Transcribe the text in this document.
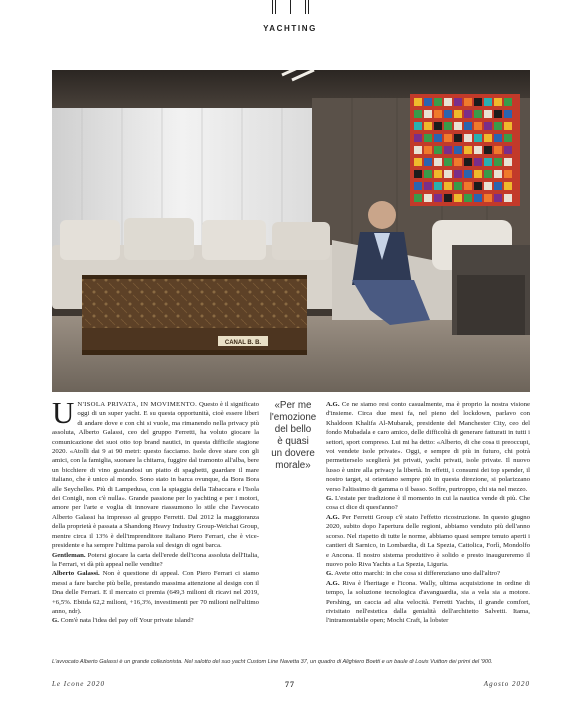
YACHTING
CANAL B. B.

U N'ISOLA PRIVATA, IN MOVIMENTO. Questo è il significato oggi di un super yacht. E su questa opportunità, cioè essere liberi di andare dove e con chi si vuole, ma rimanendo nella privacy più assoluta, Alberto Galassi, ceo del gruppo Ferretti, ha voluto giocare la comunicazione dei suoi otto top brand nautici, in questa difficile stagione 2020. «Atolli dai 9 ai 90 metri: questo facciamo. Isole dove stare con gli amici, con la famiglia, suonare la chitarra, fuggire dal tramonto all'alba, bere un bicchiere di vino gustandosi un piatto di spaghetti, guardare il mare italiano, che è unico al mondo. Sono stato in barca ovunque, da Bora Bora alle Seychelles. Più di Lampedusa, con la spiaggia della Tabaccara e l'Isola dei Conigli, non c'è nulla». Grande passione per lo yachting e per i motori, amore per l'arte e voglia di innovare riassumono lo stile che l'avvocato Alberto Galassi ha impresso al gruppo Ferretti. Dal 2012 la maggioranza della proprietà è passata a Shandong Heavy Industry Group-Weichai Group, mentre circa il 13% è dell'imprenditore italiano Piero Ferrari, che è vice-presidente e ha sempre l'ultima parola sul design di ogni barca.

Gentleman. Potersi giocare la carta dell'erede dell'icona assoluta dell'Italia, la Ferrari, vi dà più appeal nelle vendite?

Alberto Galassi. Non è questione di appeal. Con Piero Ferrari ci siamo messi a fare barche più belle, prestando massima attenzione al design con il Dna delle Ferrari. E il mercato ci premia (649,3 milioni di ricavi nel 2019, +6,5%. Ebitda 62,2 milioni, +16,3%, investimenti per 70 milioni nell'ultimo anno, ndr).

G. Com'è nata l'idea del pay off Your private island?

«Per me
l'emozione
del bello
è quasi
un dovere
morale»

A.G. Ce ne siamo resi conto casualmente, ma è proprio la nostra visione d'insieme. Circa due mesi fa, nel pieno del lockdown, parlavo con Khaldoon Khalifa Al-Mubarak, presidente del Manchester City, ceo del fondo Mubadala e caro amico, delle difficoltà di generare fatturati in tutti i settori, sport compreso. Lui mi ha detto: «Alberto, di che cosa ti preoccupi, voi vendete isole private». Oggi, e sempre di più in futuro, chi potrà permetterselo sceglierà jet privati, yacht privati, isole private. Il nuovo lusso è unire alla privacy la libertà. In effetti, i consumi dei top spender, il nostro target, si orientano sempre più in questa direzione, si polarizzano verso l'altissimo di gamma o il basso. Soffre, purtroppo, chi sta nel mezzo.

G. L'estate per tradizione è il momento in cui la nautica vende di più. Che cosa ci dice di quest'anno?

A.G. Per Ferretti Group c'è stato l'effetto ricostruzione. In questo giugno 2020, subito dopo l'apertura delle regioni, abbiamo venduto più dell'anno scorso. Nel rispetto di tutte le norme, abbiamo quasi sempre tenuto aperti i cantieri di Sarnico, in Lombardia, di La Spezia, Cattolica, Forlì, Mondolfo e Ancona. Il nostro sistema produttivo è solido e presto inaugureremo il nuovo polo Riva Yachts a La Spezia, Liguria.

G. Avete otto marchi: in che cosa si differenziano uno dall'altro?

A.G. Riva è l'heritage e l'icona. Wally, ultima acquisizione in ordine di tempo, la soluzione tecnologica d'avanguardia, sia a vela sia a motore. Pershing, un caccia ad alta velocità. Ferretti Yachts, il grande comfort, rivisitato nell'estetica dalla genialità dell'architetto Salvetti. Itama, l'intramontabile open; Mochi Craft, la lobster

L'avvocato Alberto Galassi è un grande collezionista. Nel salotto del suo yacht Custom Line Navetta 37, un quadro di Alighiero Boetti e un baule di Louis Vuitton dei primi del '900.
Le Icone 2020	77	Agosto 2020
